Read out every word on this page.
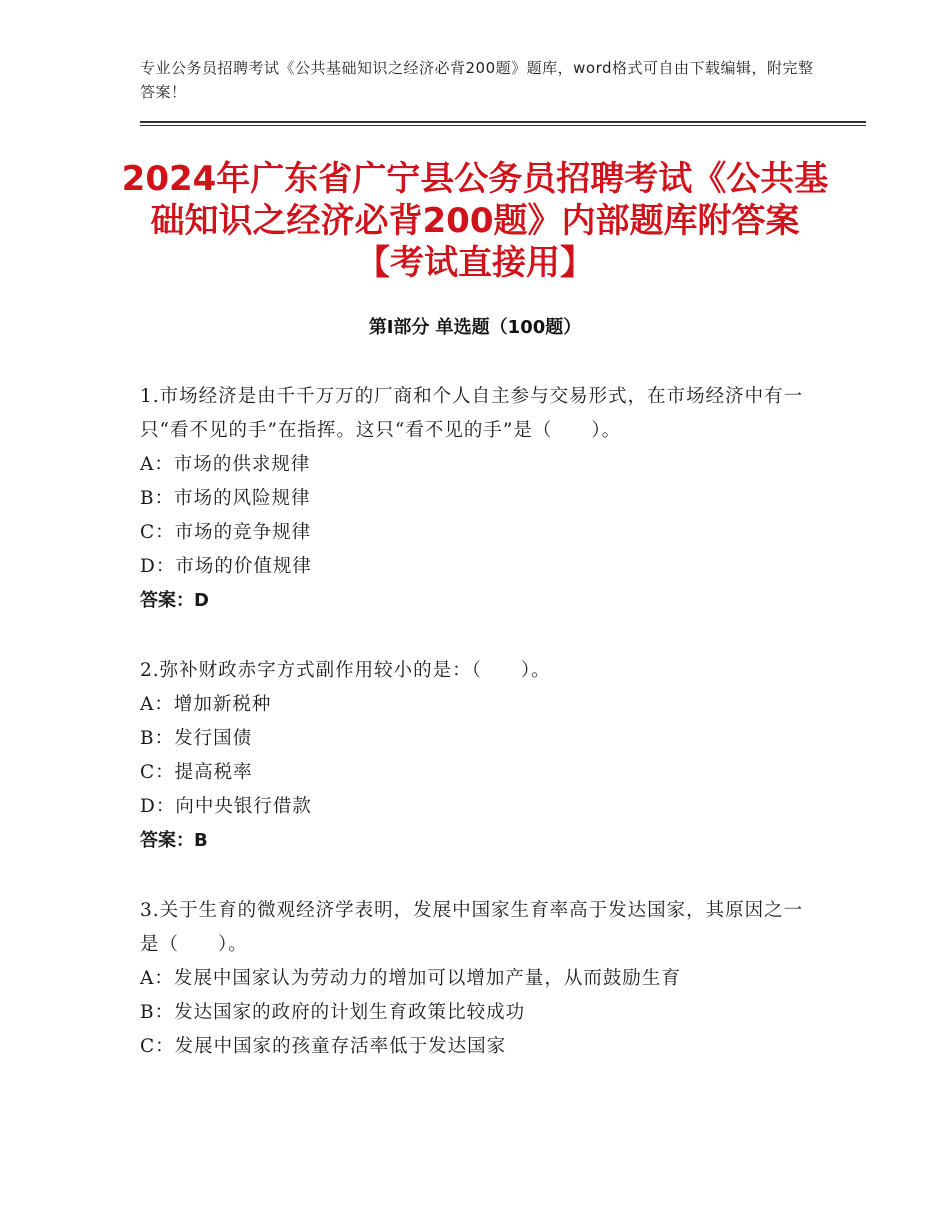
专业公务员招聘考试《公共基础知识之经济必背200题》题库，word格式可自由下载编辑，附完整答案！
2024年广东省广宁县公务员招聘考试《公共基础知识之经济必背200题》内部题库附答案【考试直接用】
第Ⅰ部分 单选题（100题）

1.市场经济是由千千万万的厂商和个人自主参与交易形式，在市场经济中有一只“看不见的手”在指挥。这只“看不见的手”是（　　）。

A：市场的供求规律

B：市场的风险规律

C：市场的竞争规律

D：市场的价值规律

答案：D

2.弥补财政赤字方式副作用较小的是：（　　）。

A：增加新税种

B：发行国债

C：提高税率

D：向中央银行借款

答案：B

3.关于生育的微观经济学表明，发展中国家生育率高于发达国家，其原因之一是（　　）。

A：发展中国家认为劳动力的增加可以增加产量，从而鼓励生育

B：发达国家的政府的计划生育政策比较成功

C：发展中国家的孩童存活率低于发达国家
